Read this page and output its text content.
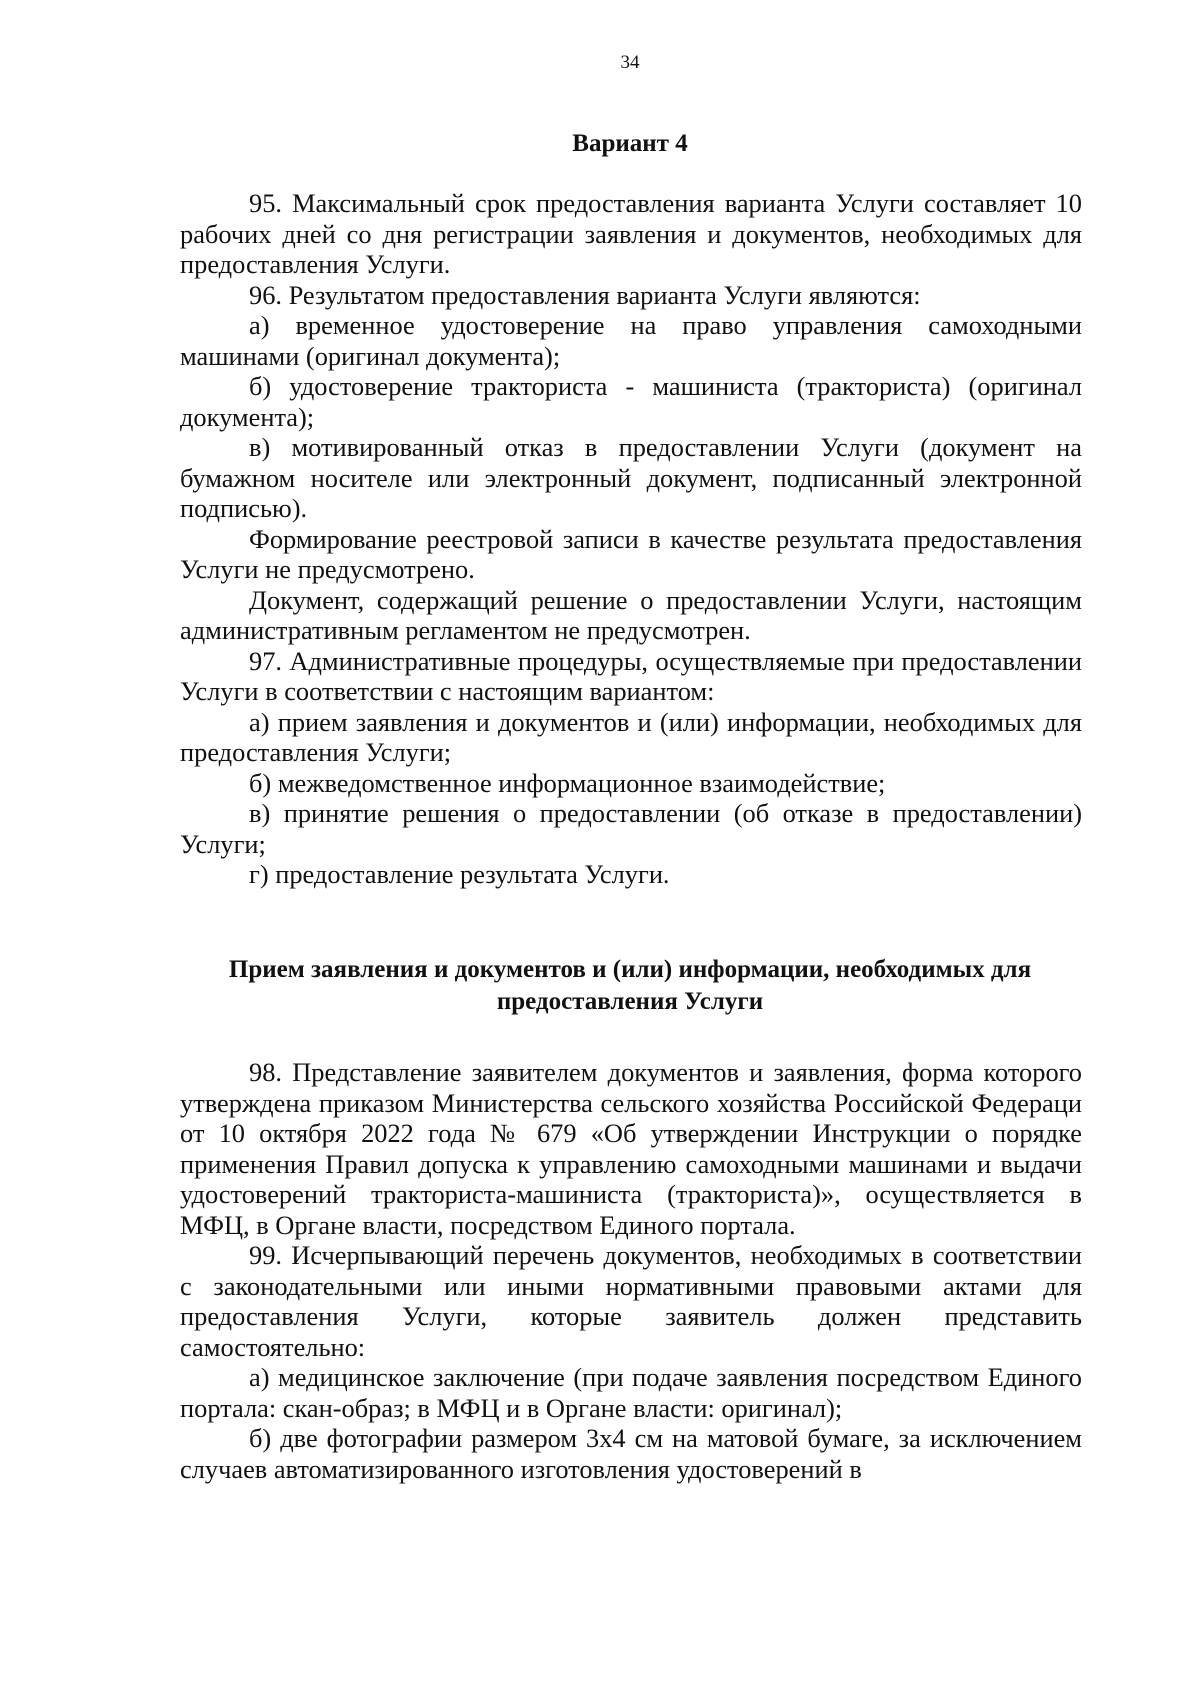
34
Вариант 4

95. Максимальный срок предоставления варианта Услуги составляет 10 рабочих дней со дня регистрации заявления и документов, необходимых для предоставления Услуги.

96. Результатом предоставления варианта Услуги являются:

а) временное удостоверение на право управления самоходными машинами (оригинал документа);

б) удостоверение тракториста - машиниста (тракториста) (оригинал документа);

в) мотивированный отказ в предоставлении Услуги (документ на бумажном носителе или электронный документ, подписанный электронной подписью).

Формирование реестровой записи в качестве результата предоставления Услуги не предусмотрено.

Документ, содержащий решение о предоставлении Услуги, настоящим административным регламентом не предусмотрен.

97. Административные процедуры, осуществляемые при предоставлении Услуги в соответствии с настоящим вариантом:

а) прием заявления и документов и (или) информации, необходимых для предоставления Услуги;

б) межведомственное информационное взаимодействие;

в) принятие решения о предоставлении (об отказе в предоставлении) Услуги;

г) предоставление результата Услуги.

Прием заявления и документов и (или) информации, необходимых для предоставления Услуги

98. Представление заявителем документов и заявления, форма которого утверждена приказом Министерства сельского хозяйства Российской Федераци от 10 октября 2022 года № 679 «Об утверждении Инструкции о порядке применения Правил допуска к управлению самоходными машинами и выдачи удостоверений тракториста-машиниста (тракториста)», осуществляется в МФЦ, в Органе власти, посредством Единого портала.

99. Исчерпывающий перечень документов, необходимых в соответствии с законодательными или иными нормативными правовыми актами для предоставления Услуги, которые заявитель должен представить самостоятельно:

а) медицинское заключение (при подаче заявления посредством Единого портала: скан-образ; в МФЦ и в Органе власти: оригинал);

б) две фотографии размером 3х4 см на матовой бумаге, за исключением случаев автоматизированного изготовления удостоверений в
